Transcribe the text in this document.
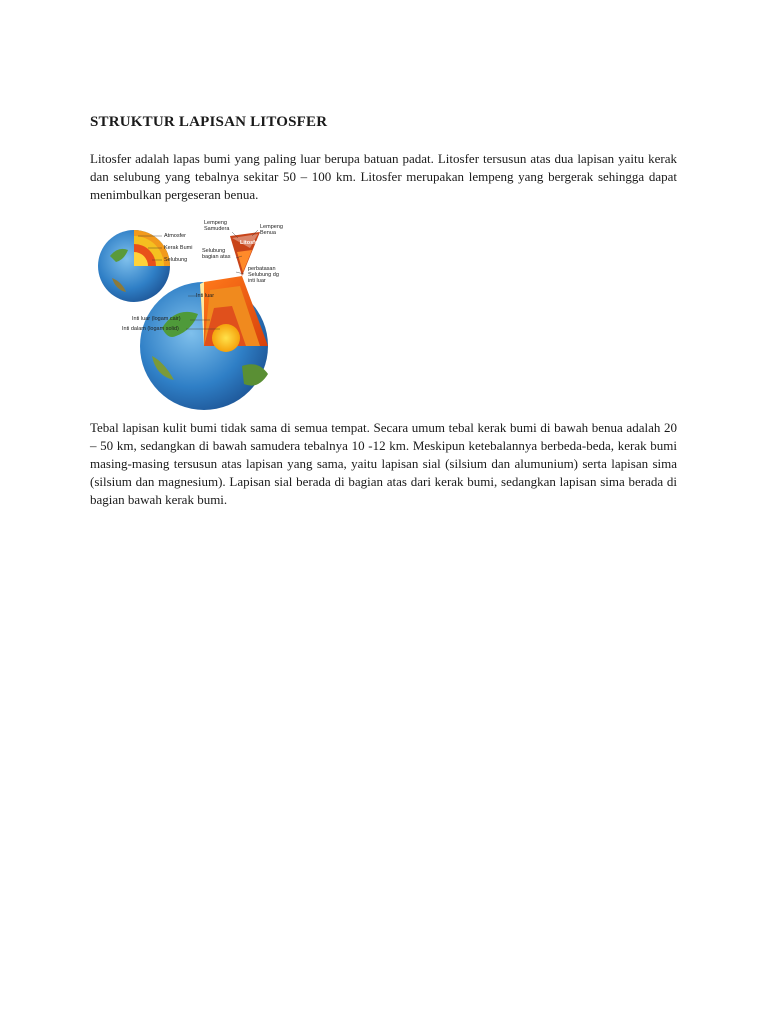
STRUKTUR LAPISAN LITOSFER

Litosfer adalah lapas bumi yang paling luar berupa batuan padat. Litosfer tersusun atas dua lapisan yaitu kerak dan selubung yang tebalnya sekitar 50 – 100 km. Litosfer merupakan lempeng yang bergerak sehingga dapat menimbulkan pergeseran benua.

Atmosfer
Kerak Bumi
Selubung
Inti luar
Inti luar (logam cair)
Inti dalam (logam solid)
Lempeng Samudera	Lempeng Benua
Litosfer
Selubung bagian atas
perbatasan Selubung dg inti luar

Tebal lapisan kulit bumi tidak sama di semua tempat. Secara umum tebal kerak bumi di bawah benua adalah 20 – 50 km, sedangkan di bawah samudera tebalnya 10 -12 km. Meskipun ketebalannya berbeda-beda, kerak bumi masing-masing tersusun atas lapisan yang sama, yaitu lapisan sial (silsium dan alumunium) serta lapisan sima (silsium dan magnesium). Lapisan sial berada di bagian atas dari kerak bumi, sedangkan lapisan sima berada di bagian bawah kerak bumi.
